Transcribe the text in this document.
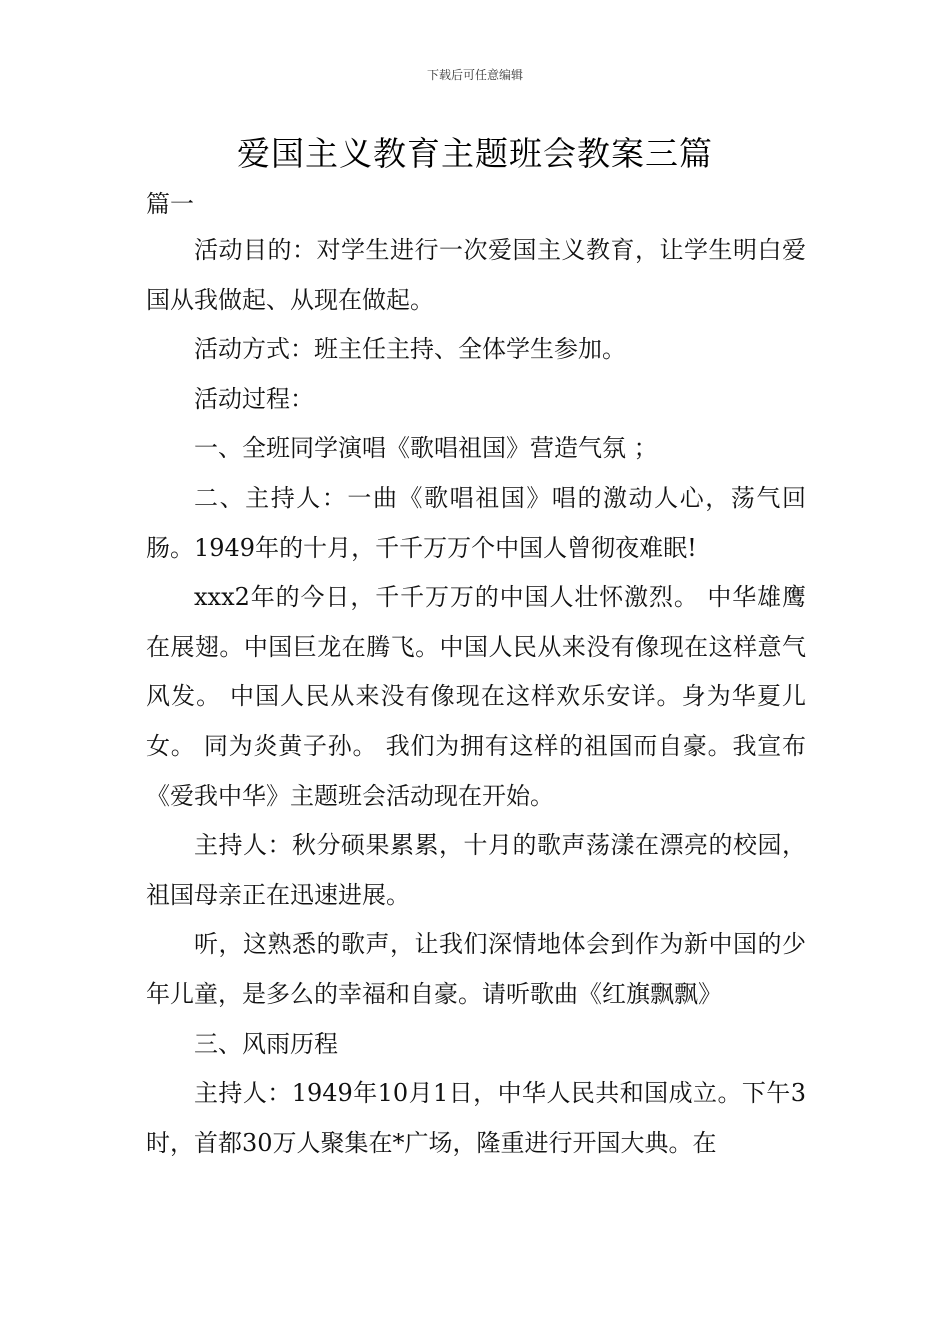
下载后可任意编辑
爱国主义教育主题班会教案三篇
篇一

活动目的：对学生进行一次爱国主义教育，让学生明白爱国从我做起、从现在做起。

活动方式：班主任主持、全体学生参加。

活动过程：

一、全班同学演唱《歌唱祖国》营造气氛 ；

二、主持人：一曲《歌唱祖国》唱的激动人心，荡气回肠。1949年的十月，千千万万个中国人曾彻夜难眠!

xxx2年的今日，千千万万的中国人壮怀激烈。 中华雄鹰在展翅。中国巨龙在腾飞。中国人民从来没有像现在这样意气风发。 中国人民从来没有像现在这样欢乐安详。身为华夏儿女。 同为炎黄子孙。 我们为拥有这样的祖国而自豪。我宣布《爱我中华》主题班会活动现在开始。

主持人：秋分硕果累累，十月的歌声荡漾在漂亮的校园，祖国母亲正在迅速进展。

听，这熟悉的歌声，让我们深情地体会到作为新中国的少年儿童，是多么的幸福和自豪。请听歌曲《红旗飘飘》

三、风雨历程

主持人：1949年10月1日，中华人民共和国成立。下午3时，首都30万人聚集在*广场，隆重进行开国大典。在
